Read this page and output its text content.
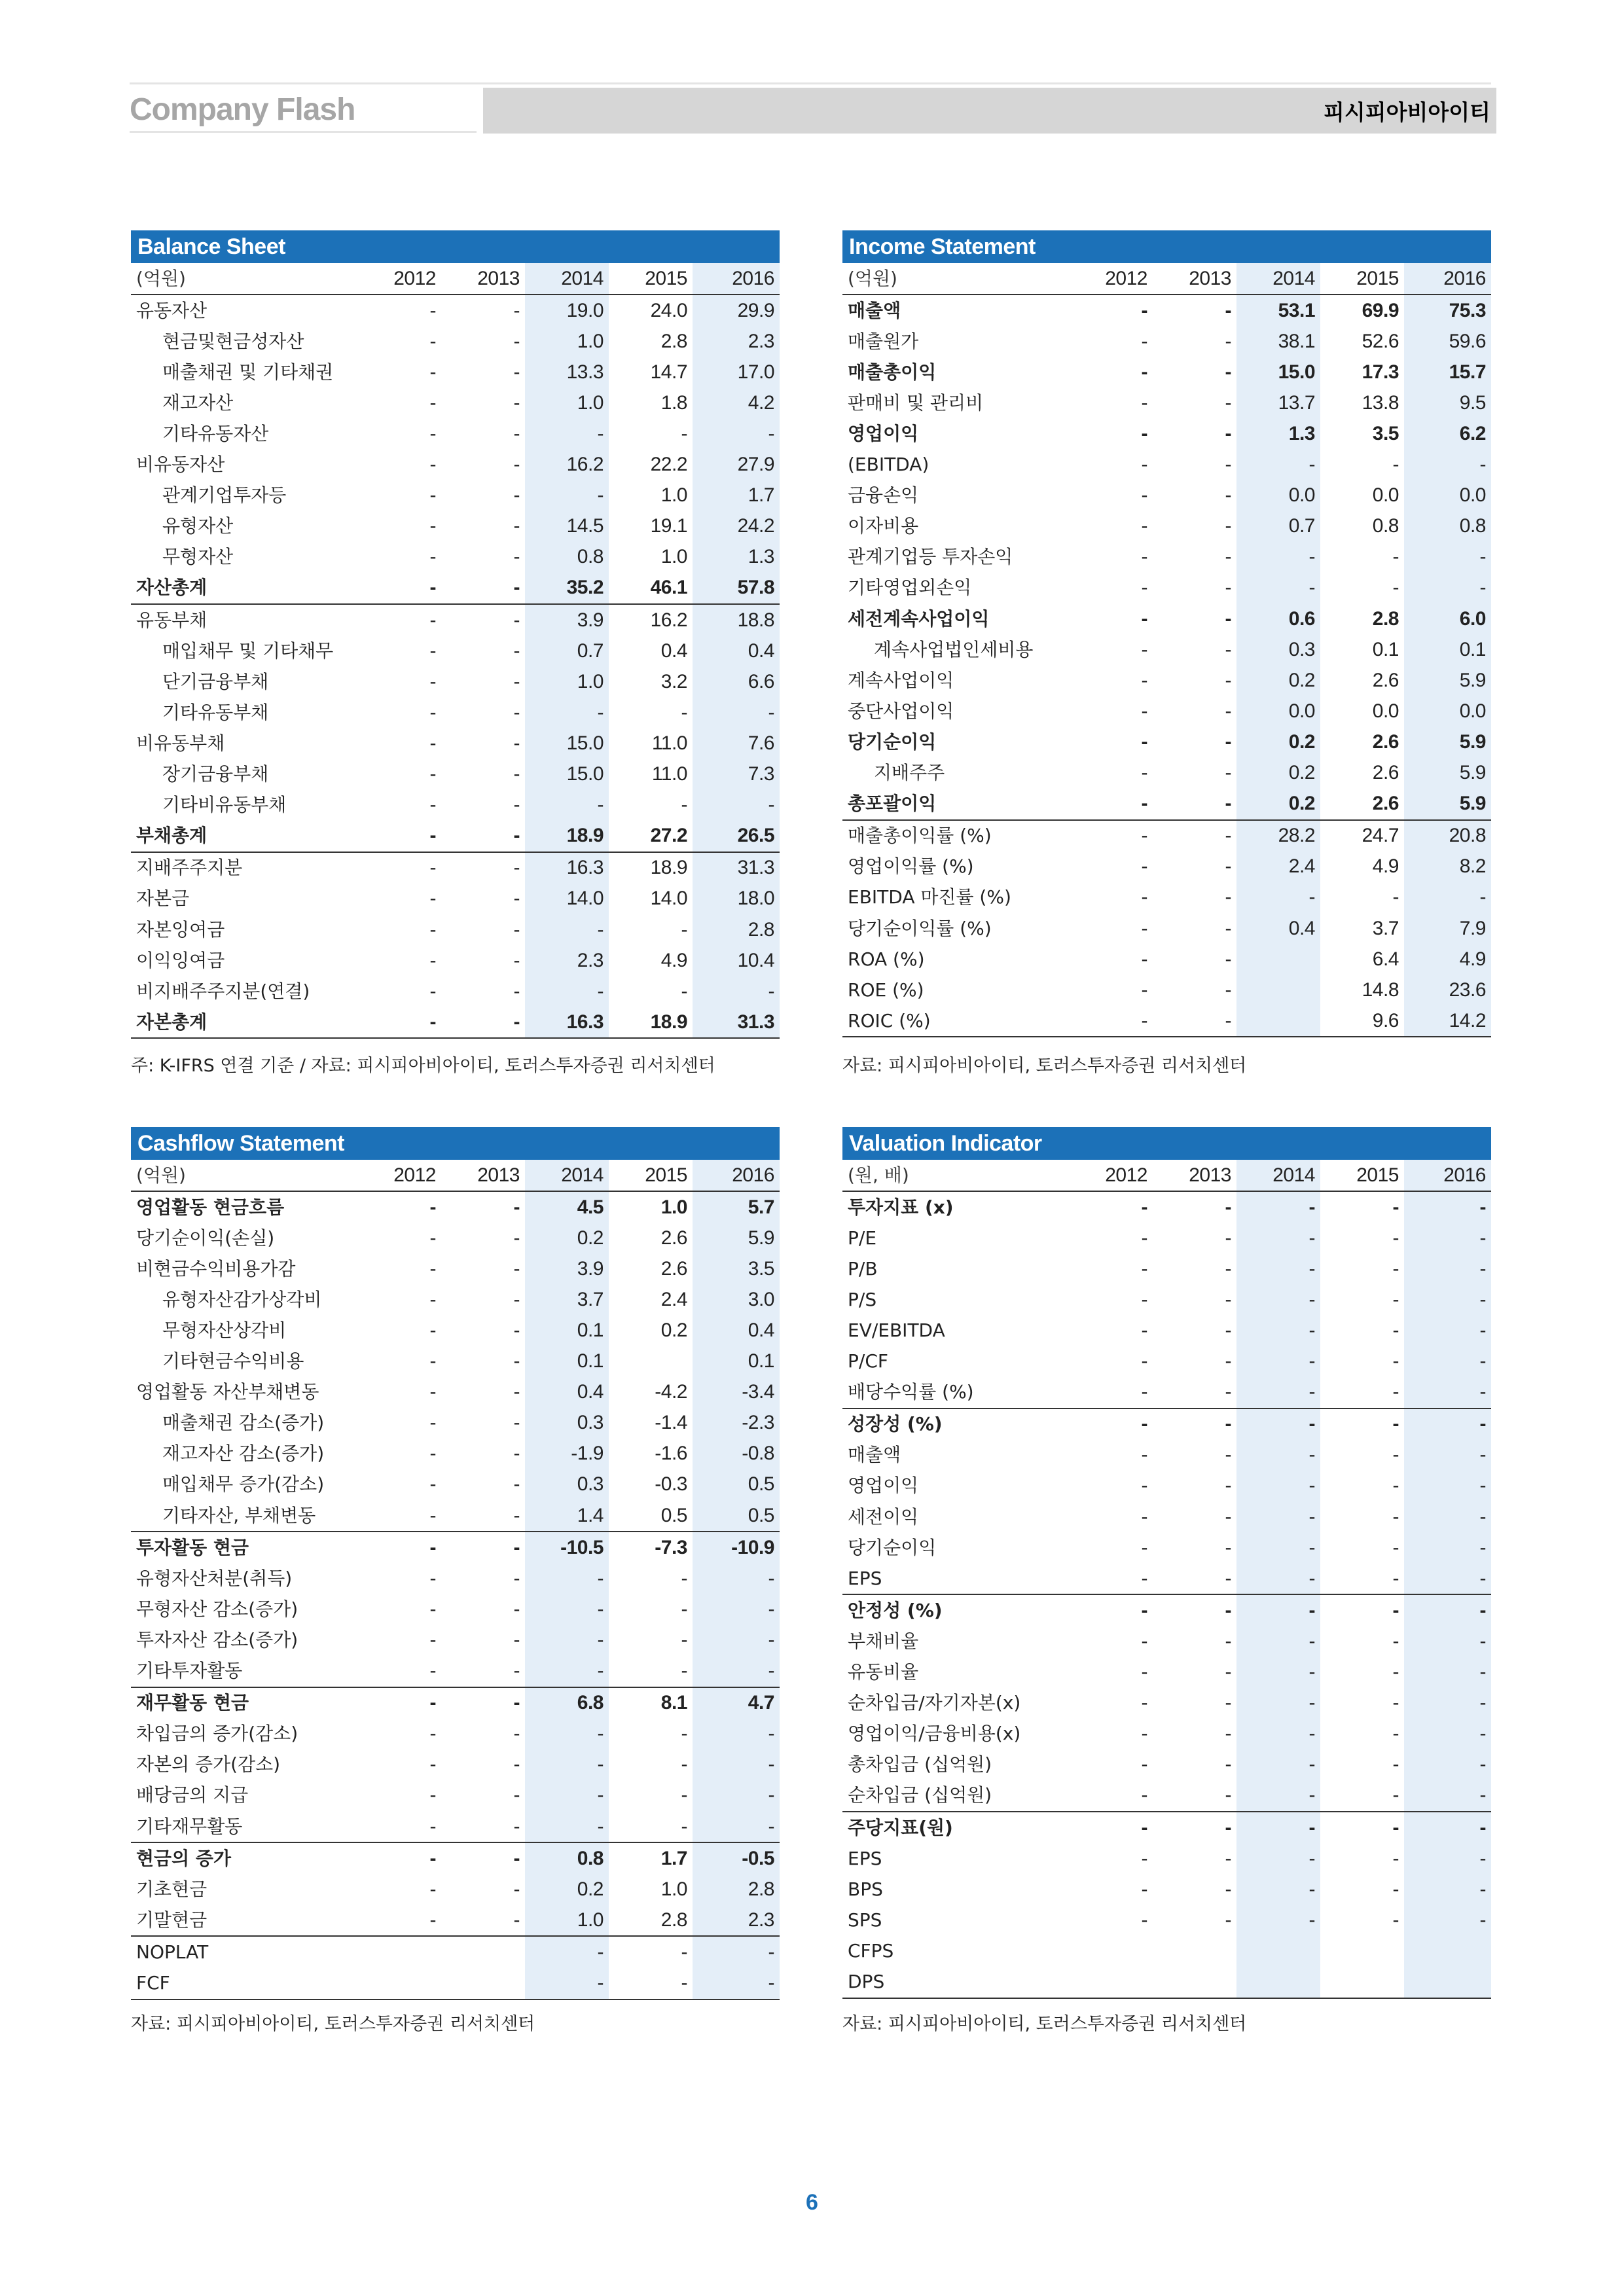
Company Flash	피시피아비아이티
Balance Sheet
(억원)	2012	2013	2014	2015	2016
유동자산	-	-	19.0	24.0	29.9
현금및현금성자산	-	-	1.0	2.8	2.3
매출채권 및 기타채권	-	-	13.3	14.7	17.0
재고자산	-	-	1.0	1.8	4.2
기타유동자산	-	-	-	-	-
비유동자산	-	-	16.2	22.2	27.9
관계기업투자등	-	-	-	1.0	1.7
유형자산	-	-	14.5	19.1	24.2
무형자산	-	-	0.8	1.0	1.3
자산총계	-	-	35.2	46.1	57.8
유동부채	-	-	3.9	16.2	18.8
매입채무 및 기타채무	-	-	0.7	0.4	0.4
단기금융부채	-	-	1.0	3.2	6.6
기타유동부채	-	-	-	-	-
비유동부채	-	-	15.0	11.0	7.6
장기금융부채	-	-	15.0	11.0	7.3
기타비유동부채	-	-	-	-	-
부채총계	-	-	18.9	27.2	26.5
지배주주지분	-	-	16.3	18.9	31.3
자본금	-	-	14.0	14.0	18.0
자본잉여금	-	-	-	-	2.8
이익잉여금	-	-	2.3	4.9	10.4
비지배주주지분(연결)	-	-	-	-	-
자본총계	-	-	16.3	18.9	31.3
주: K-IFRS 연결 기준 / 자료: 피시피아비아이티, 토러스투자증권 리서치센터
Income Statement
(억원)	2012	2013	2014	2015	2016
매출액	-	-	53.1	69.9	75.3
매출원가	-	-	38.1	52.6	59.6
매출총이익	-	-	15.0	17.3	15.7
판매비 및 관리비	-	-	13.7	13.8	9.5
영업이익	-	-	1.3	3.5	6.2
(EBITDA)	-	-	-	-	-
금융손익	-	-	0.0	0.0	0.0
이자비용	-	-	0.7	0.8	0.8
관계기업등 투자손익	-	-	-	-	-
기타영업외손익	-	-	-	-	-
세전계속사업이익	-	-	0.6	2.8	6.0
계속사업법인세비용	-	-	0.3	0.1	0.1
계속사업이익	-	-	0.2	2.6	5.9
중단사업이익	-	-	0.0	0.0	0.0
당기순이익	-	-	0.2	2.6	5.9
지배주주	-	-	0.2	2.6	5.9
총포괄이익	-	-	0.2	2.6	5.9
매출총이익률 (%)	-	-	28.2	24.7	20.8
영업이익률 (%)	-	-	2.4	4.9	8.2
EBITDA 마진률 (%)	-	-	-	-	-
당기순이익률 (%)	-	-	0.4	3.7	7.9
ROA (%)	-	-		6.4	4.9
ROE (%)	-	-		14.8	23.6
ROIC (%)	-	-		9.6	14.2
자료: 피시피아비아이티, 토러스투자증권 리서치센터
Cashflow Statement
(억원)	2012	2013	2014	2015	2016
영업활동 현금흐름	-	-	4.5	1.0	5.7
당기순이익(손실)	-	-	0.2	2.6	5.9
비현금수익비용가감	-	-	3.9	2.6	3.5
유형자산감가상각비	-	-	3.7	2.4	3.0
무형자산상각비	-	-	0.1	0.2	0.4
기타현금수익비용	-	-	0.1		0.1
영업활동 자산부채변동	-	-	0.4	-4.2	-3.4
매출채권 감소(증가)	-	-	0.3	-1.4	-2.3
재고자산 감소(증가)	-	-	-1.9	-1.6	-0.8
매입채무 증가(감소)	-	-	0.3	-0.3	0.5
기타자산, 부채변동	-	-	1.4	0.5	0.5
투자활동 현금	-	-	-10.5	-7.3	-10.9
유형자산처분(취득)	-	-	-	-	-
무형자산 감소(증가)	-	-	-	-	-
투자자산 감소(증가)	-	-	-	-	-
기타투자활동	-	-	-	-	-
재무활동 현금	-	-	6.8	8.1	4.7
차입금의 증가(감소)	-	-	-	-	-
자본의 증가(감소)	-	-	-	-	-
배당금의 지급	-	-	-	-	-
기타재무활동	-	-	-	-	-
현금의 증가	-	-	0.8	1.7	-0.5
기초현금	-	-	0.2	1.0	2.8
기말현금	-	-	1.0	2.8	2.3
NOPLAT			-	-	-
FCF			-	-	-
자료: 피시피아비아이티, 토러스투자증권 리서치센터
Valuation Indicator
(원, 배)	2012	2013	2014	2015	2016
투자지표 (x)	-	-	-	-	-
P/E	-	-	-	-	-
P/B	-	-	-	-	-
P/S	-	-	-	-	-
EV/EBITDA	-	-	-	-	-
P/CF	-	-	-	-	-
배당수익률 (%)	-	-	-	-	-
성장성 (%)	-	-	-	-	-
매출액	-	-	-	-	-
영업이익	-	-	-	-	-
세전이익	-	-	-	-	-
당기순이익	-	-	-	-	-
EPS	-	-	-	-	-
안정성 (%)	-	-	-	-	-
부채비율	-	-	-	-	-
유동비율	-	-	-	-	-
순차입금/자기자본(x)	-	-	-	-	-
영업이익/금융비용(x)	-	-	-	-	-
총차입금 (십억원)	-	-	-	-	-
순차입금 (십억원)	-	-	-	-	-
주당지표(원)	-	-	-	-	-
EPS	-	-	-	-	-
BPS	-	-	-	-	-
SPS	-	-	-	-	-
CFPS					
DPS					
자료: 피시피아비아이티, 토러스투자증권 리서치센터
6
